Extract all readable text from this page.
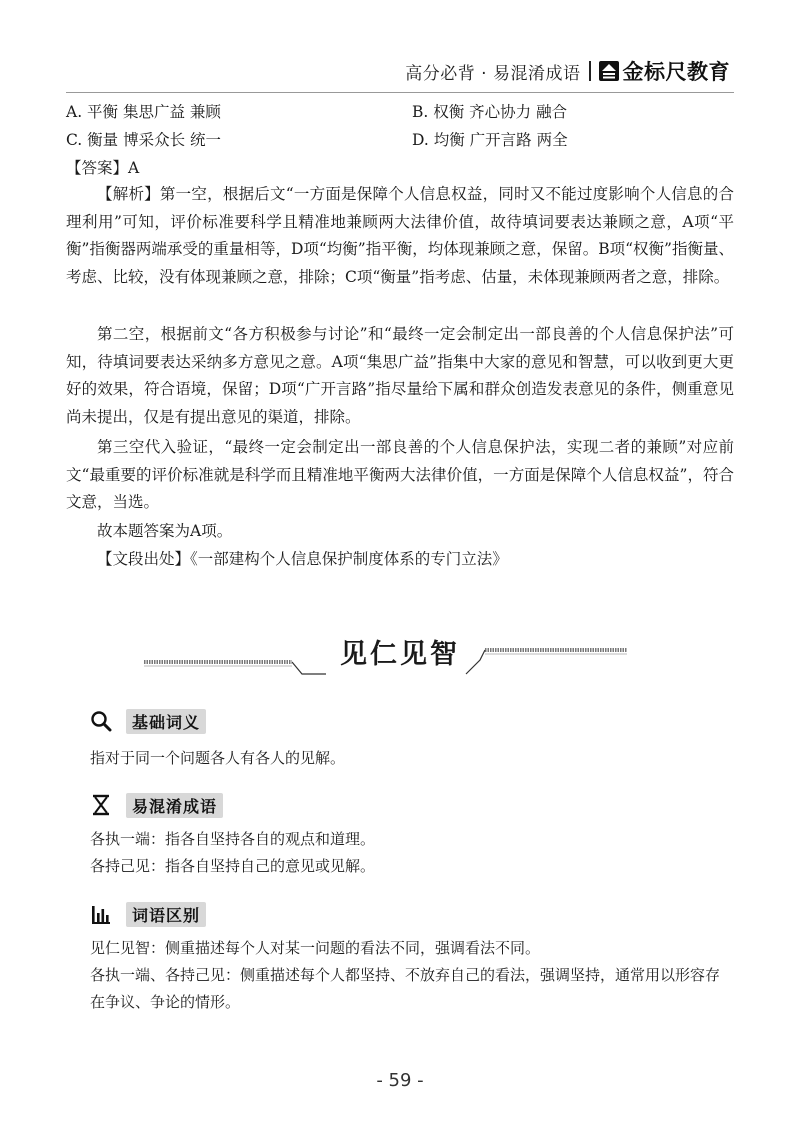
高分必背 · 易混淆成语 金标尺教育
A. 平衡 集思广益 兼顾	B. 权衡 齐心协力 融合
C. 衡量 博采众长 统一	D. 均衡 广开言路 两全
【答案】A
【解析】第一空，根据后文“一方面是保障个人信息权益，同时又不能过度影响个人信息的合理利用”可知，评价标准要科学且精准地兼顾两大法律价值，故待填词要表达兼顾之意，A项“平衡”指衡器两端承受的重量相等，D项“均衡”指平衡，均体现兼顾之意，保留。B项“权衡”指衡量、考虑、比较，没有体现兼顾之意，排除；C项“衡量”指考虑、估量，未体现兼顾两者之意，排除。
第二空，根据前文“各方积极参与讨论”和“最终一定会制定出一部良善的个人信息保护法”可知，待填词要表达采纳多方意见之意。A项“集思广益”指集中大家的意见和智慧，可以收到更大更好的效果，符合语境，保留；D项“广开言路”指尽量给下属和群众创造发表意见的条件，侧重意见尚未提出，仅是有提出意见的渠道，排除。
第三空代入验证，“最终一定会制定出一部良善的个人信息保护法，实现二者的兼顾”对应前文“最重要的评价标准就是科学而且精准地平衡两大法律价值，一方面是保障个人信息权益”，符合文意，当选。
故本题答案为A项。
【文段出处】《一部建构个人信息保护制度体系的专门立法》
见仁见智
基础词义
指对于同一个问题各人有各人的见解。
易混淆成语
各执一端：指各自坚持各自的观点和道理。
各持己见：指各自坚持自己的意见或见解。
词语区别
见仁见智：侧重描述每个人对某一问题的看法不同，强调看法不同。
各执一端、各持己见：侧重描述每个人都坚持、不放弃自己的看法，强调坚持，通常用以形容存在争议、争论的情形。
- 59 -
